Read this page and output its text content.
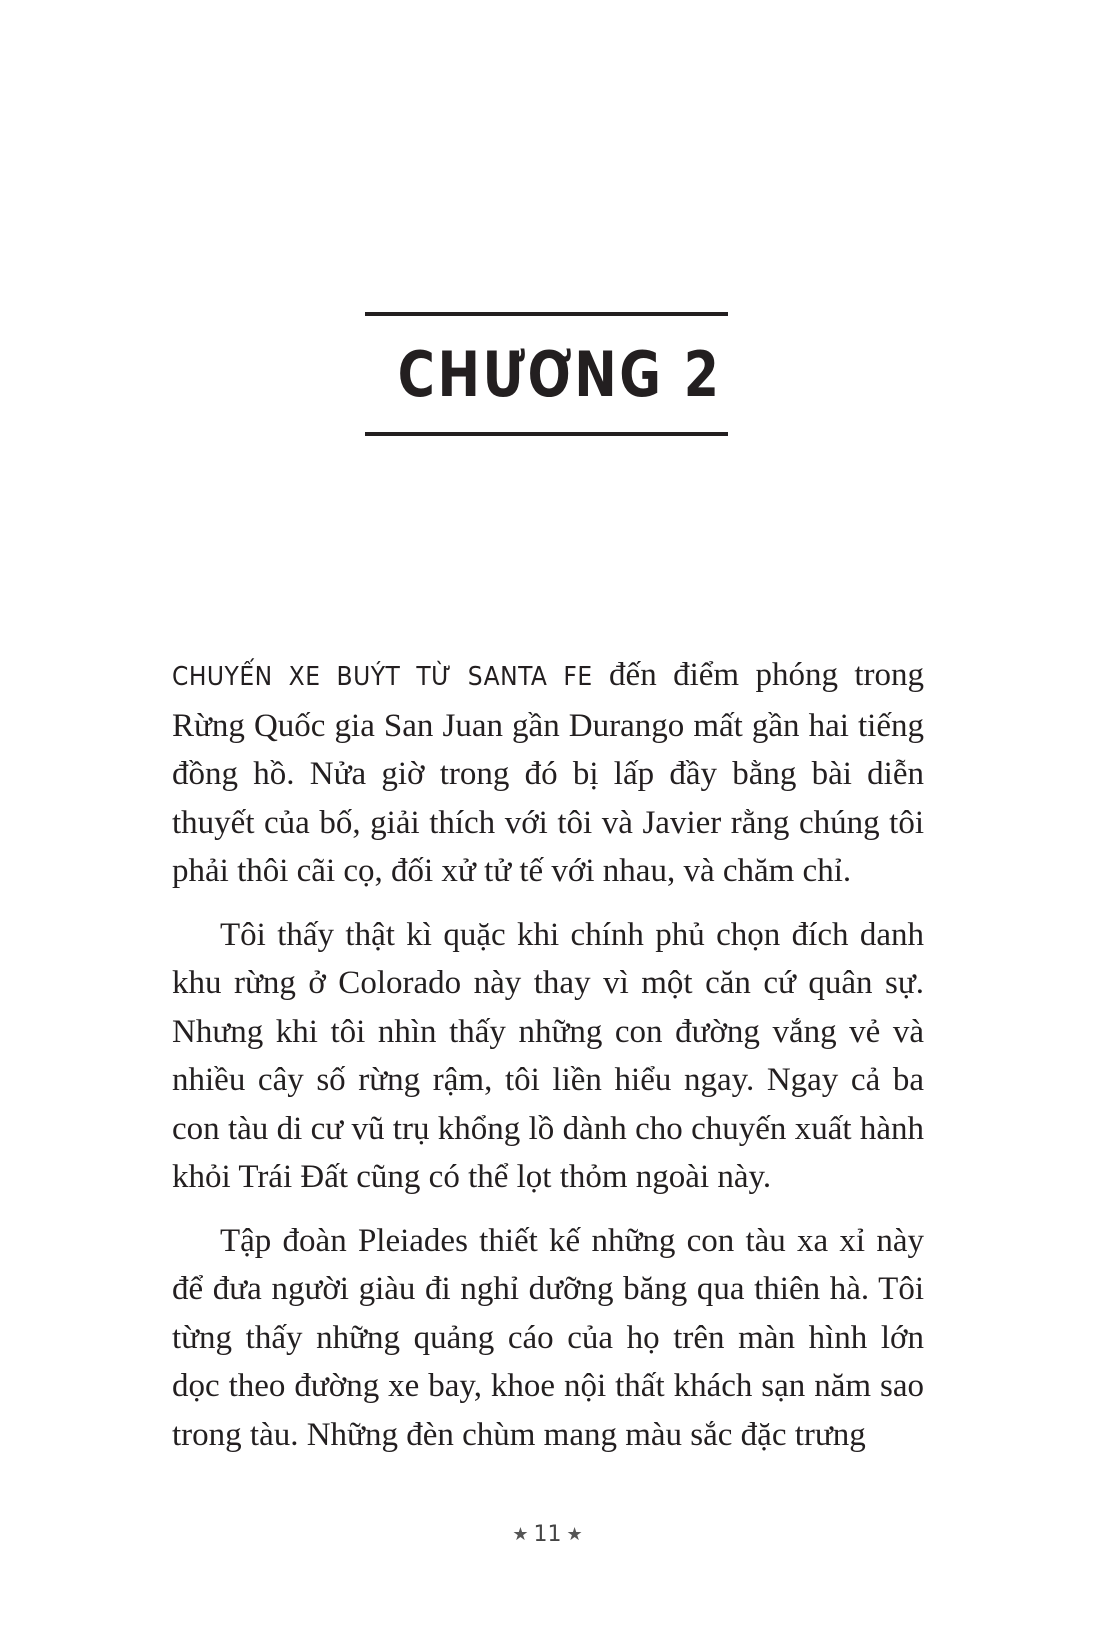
CHƯƠNG 2

CHUYẾN XE BUÝT TỪ SANTA FE đến điểm phóng trong Rừng Quốc gia San Juan gần Durango mất gần hai tiếng đồng hồ. Nửa giờ trong đó bị lấp đầy bằng bài diễn thuyết của bố, giải thích với tôi và Javier rằng chúng tôi phải thôi cãi cọ, đối xử tử tế với nhau, và chăm chỉ.

Tôi thấy thật kì quặc khi chính phủ chọn đích danh khu rừng ở Colorado này thay vì một căn cứ quân sự. Nhưng khi tôi nhìn thấy những con đường vắng vẻ và nhiều cây số rừng rậm, tôi liền hiểu ngay. Ngay cả ba con tàu di cư vũ trụ khổng lồ dành cho chuyến xuất hành khỏi Trái Đất cũng có thể lọt thỏm ngoài này.

Tập đoàn Pleiades thiết kế những con tàu xa xỉ này để đưa người giàu đi nghỉ dưỡng băng qua thiên hà. Tôi từng thấy những quảng cáo của họ trên màn hình lớn dọc theo đường xe bay, khoe nội thất khách sạn năm sao trong tàu. Những đèn chùm mang màu sắc đặc trưng

★ 11 ★
